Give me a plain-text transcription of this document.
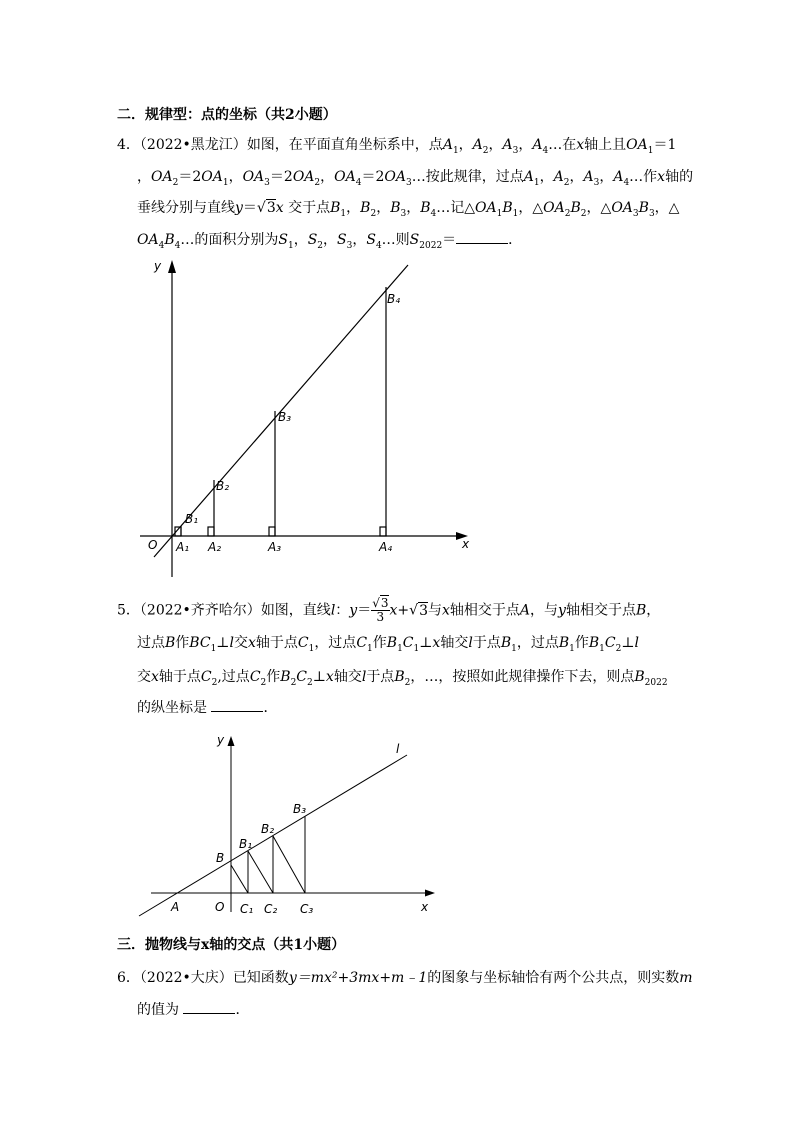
二．规律型：点的坐标（共2小题）
4．（2022•黑龙江）如图，在平面直角坐标系中，点$A_1$，$A_2$，$A_3$，$A_4\dots$在x轴上且$OA_1=1$
，$OA_2=2OA_1$，$OA_3=2OA_2$，$OA_4=2OA_3\dots$按此规律，过点$A_1$，$A_2$，$A_3$，$A_4\dots$作x轴的
垂线分别与直线y＝√3x 交于点$B_1$，$B_2$，$B_3$，$B_4\dots$记$\triangle OA_1B_1$，$\triangle OA_2B_2$，$\triangle OA_3B_3$，△
$OA_4B_4\dots$的面积分别为$S_1$，$S_2$，$S_3$，$S_4\dots$则$S_{2022}=$	．
y
x
O A₁ A₂	A₃	A₄
B₁
B₂
B₃
B₄
5．（2022•齐齐哈尔）如图，直线l：$y= \frac{√3}{3} x+√3$与x轴相交于点A，与y轴相交于点B，
过点B作$BC_1\perp l$交x轴于点$C_1$，过点$C_1$作$B_1C_1\perp x$轴交l于点$B_1$，过点$B_1$作$B_1C_2\perp l$
交x轴于点$C_2$,过点$C_2$作$B_2C_2\perp x$轴交l于点$B_2$，…，按照如此规律操作下去，则点$B_{2022}$
的纵坐标是	．
y
x
l
A	O
B
B₁
B₂
B₃
C₁ C₂ C₃
三．抛物线与x轴的交点（共1小题）
6．（2022•大庆）已知函数y＝mx²+3mx+m﹣1的图象与坐标轴恰有两个公共点，则实数m
的值为	．
